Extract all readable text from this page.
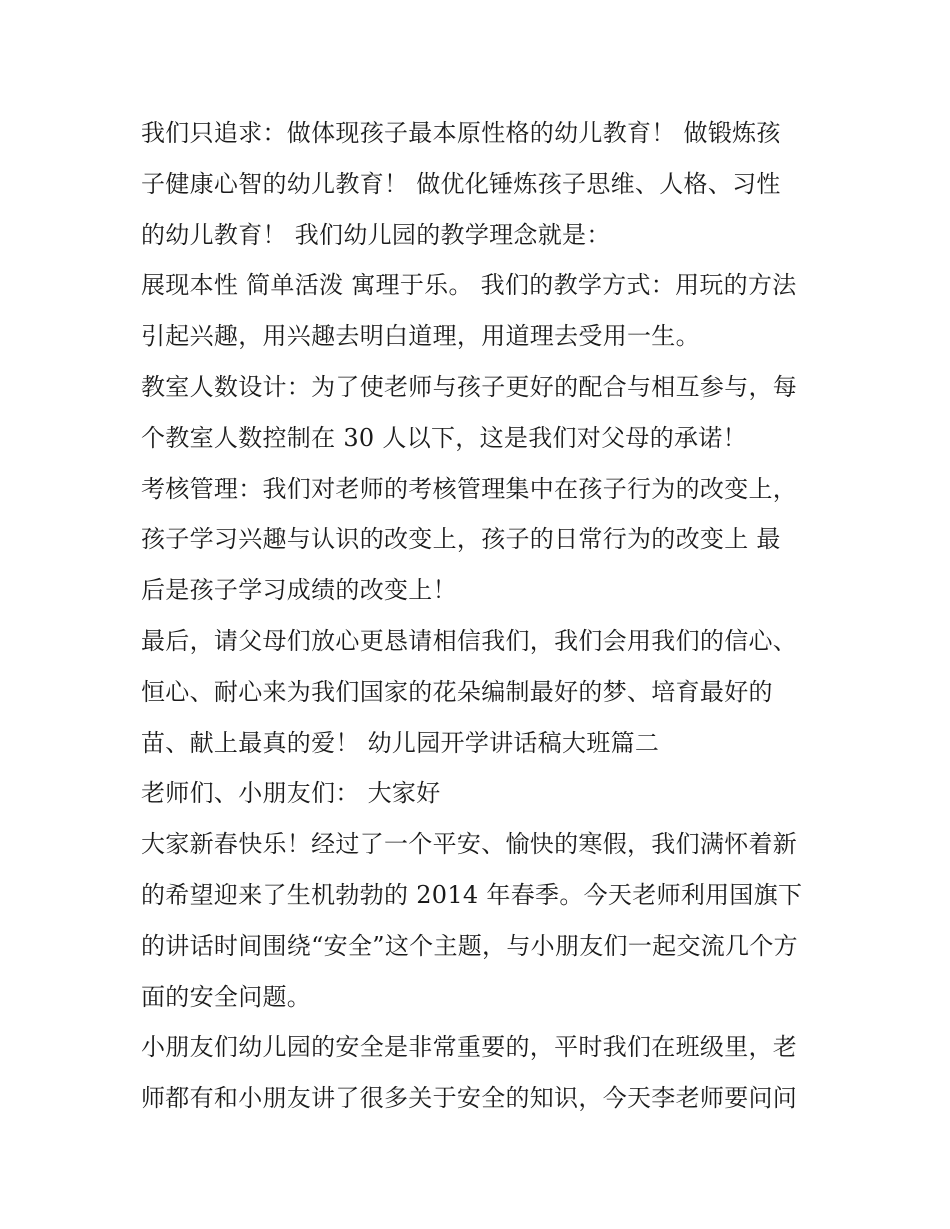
我们只追求：做体现孩子最本原性格的幼儿教育！ 做锻炼孩
子健康心智的幼儿教育！ 做优化锤炼孩子思维、人格、习性
的幼儿教育！ 我们幼儿园的教学理念就是：
展现本性 简单活泼 寓理于乐。 我们的教学方式：用玩的方法
引起兴趣，用兴趣去明白道理，用道理去受用一生。
教室人数设计：为了使老师与孩子更好的配合与相互参与，每
个教室人数控制在 30 人以下，这是我们对父母的承诺！
考核管理：我们对老师的考核管理集中在孩子行为的改变上，
孩子学习兴趣与认识的改变上，孩子的日常行为的改变上 最
后是孩子学习成绩的改变上！
最后，请父母们放心更恳请相信我们，我们会用我们的信心、
恒心、耐心来为我们国家的花朵编制最好的梦、培育最好的
苗、献上最真的爱！ 幼儿园开学讲话稿大班篇二
老师们、小朋友们： 大家好
大家新春快乐！经过了一个平安、愉快的寒假，我们满怀着新
的希望迎来了生机勃勃的 2014 年春季。今天老师利用国旗下
的讲话时间围绕“安全”这个主题，与小朋友们一起交流几个方
面的安全问题。
小朋友们幼儿园的安全是非常重要的，平时我们在班级里，老
师都有和小朋友讲了很多关于安全的知识，今天李老师要问问
